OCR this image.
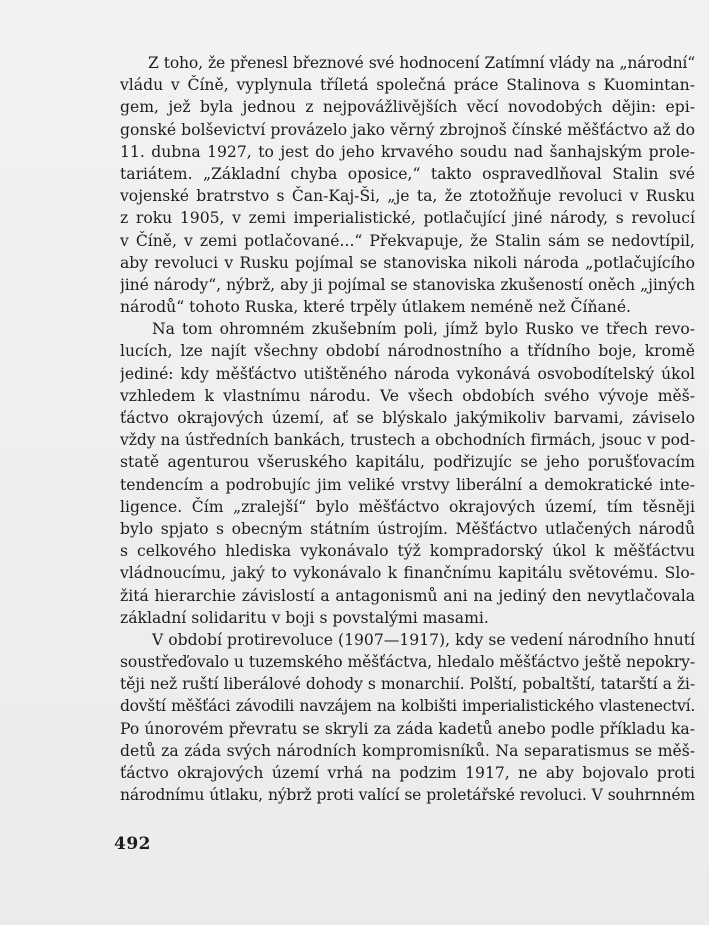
Z toho, že přenesl březnové své hodnocení Zatímní vlády na „národní“
vládu v Číně, vyplynula tříletá společná práce Stalinova s Kuomintan-
gem, jež byla jednou z nejpovážlivějších věcí novodobých dějin: epi-
gonské bolševictví provázelo jako věrný zbrojnoš čínské měšťáctvo až do
11. dubna 1927, to jest do jeho krvavého soudu nad šanhajským prole-
tariátem. „Základní chyba oposice,“ takto ospravedlňoval Stalin své
vojenské bratrstvo s Čan-Kaj-Ši, „je ta, že ztotožňuje revoluci v Rusku
z roku 1905, v zemi imperialistické, potlačující jiné národy, s revolucí
v Číně, v zemi potlačované...“ Překvapuje, že Stalin sám se nedovtípil,
aby revoluci v Rusku pojímal se stanoviska nikoli národa „potlačujícího
jiné národy“, nýbrž, aby ji pojímal se stanoviska zkušeností oněch „jiných
národů“ tohoto Ruska, které trpěly útlakem neméně než Číňané.
Na tom ohromném zkušebním poli, jímž bylo Rusko ve třech revo-
lucích, lze najít všechny období národnostního a třídního boje, kromě
jediné: kdy měšťáctvo utištěného národa vykonává osvobodítelský úkol
vzhledem k vlastnímu národu. Ve všech obdobích svého vývoje měš-
ťáctvo okrajových území, ať se blýskalo jakýmikoliv barvami, záviselo
vždy na ústředních bankách, trustech a obchodních firmách, jsouc v pod-
statě agenturou všeruského kapitálu, podřizujíc se jeho porušťovacím
tendencím a podrobujíc jim veliké vrstvy liberální a demokratické inte-
ligence. Čím „zralejší“ bylo měšťáctvo okrajových území, tím těsněji
bylo spjato s obecným státním ústrojím. Měšťáctvo utlačených národů
s celkového hlediska vykonávalo týž kompradorský úkol k měšťáctvu
vládnoucímu, jaký to vykonávalo k finančnímu kapitálu světovému. Slo-
žitá hierarchie závislostí a antagonismů ani na jediný den nevytlačovala
základní solidaritu v boji s povstalými masami.
V období protirevoluce (1907—1917), kdy se vedení národního hnutí
soustřeďovalo u tuzemského měšťáctva, hledalo měšťáctvo ještě nepokry-
těji než ruští liberálové dohody s monarchií. Polští, pobaltští, tatarští a ži-
dovští měšťáci závodili navzájem na kolbišti imperialistického vlastenectví.
Po únorovém převratu se skryli za záda kadetů anebo podle příkladu ka-
detů za záda svých národních kompromisníků. Na separatismus se měš-
ťáctvo okrajových území vrhá na podzim 1917, ne aby bojovalo proti
národnímu útlaku, nýbrž proti valící se proletářské revoluci. V souhrnném
492
